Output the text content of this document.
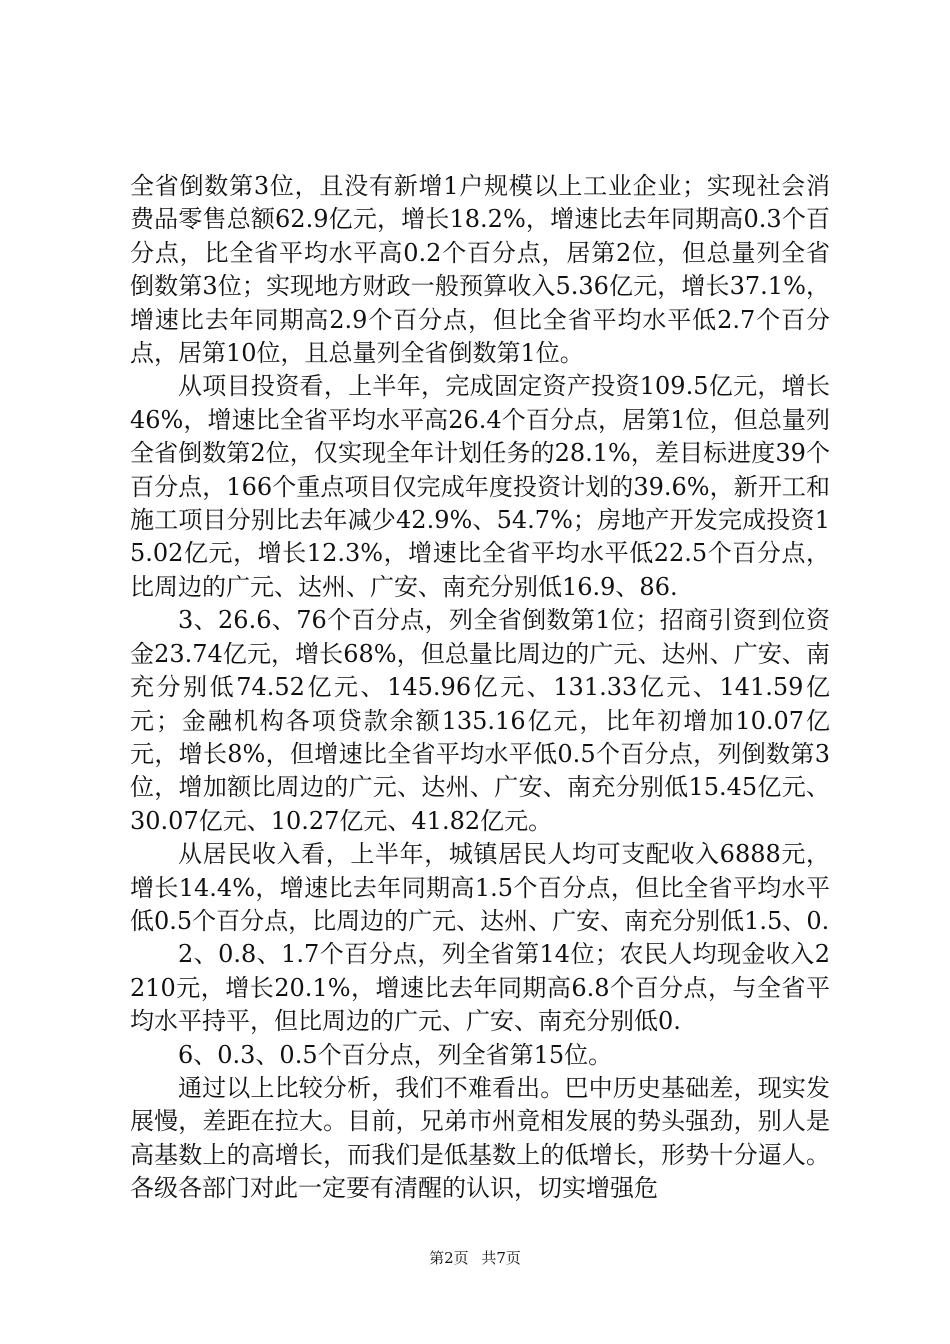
全省倒数第3位，且没有新增1户规模以上工业企业；实现社会消费品零售总额62.9亿元，增长18.2%，增速比去年同期高0.3个百分点，比全省平均水平高0.2个百分点，居第2位，但总量列全省倒数第3位；实现地方财政一般预算收入5.36亿元，增长37.1%，增速比去年同期高2.9个百分点，但比全省平均水平低2.7个百分点，居第10位，且总量列全省倒数第1位。

从项目投资看，上半年，完成固定资产投资109.5亿元，增长46%，增速比全省平均水平高26.4个百分点，居第1位，但总量列全省倒数第2位，仅实现全年计划任务的28.1%，差目标进度39个百分点，166个重点项目仅完成年度投资计划的39.6%，新开工和施工项目分别比去年减少42.9%、54.7%；房地产开发完成投资15.02亿元，增长12.3%，增速比全省平均水平低22.5个百分点，比周边的广元、达州、广安、南充分别低16.9、86.

3、26.6、76个百分点，列全省倒数第1位；招商引资到位资金23.74亿元，增长68%，但总量比周边的广元、达州、广安、南充分别低74.52亿元、145.96亿元、131.33亿元、141.59亿元；金融机构各项贷款余额135.16亿元，比年初增加10.07亿元，增长8%，但增速比全省平均水平低0.5个百分点，列倒数第3位，增加额比周边的广元、达州、广安、南充分别低15.45亿元、30.07亿元、10.27亿元、41.82亿元。

从居民收入看，上半年，城镇居民人均可支配收入6888元，增长14.4%，增速比去年同期高1.5个百分点，但比全省平均水平低0.5个百分点，比周边的广元、达州、广安、南充分别低1.5、0.

2、0.8、1.7个百分点，列全省第14位；农民人均现金收入2210元，增长20.1%，增速比去年同期高6.8个百分点，与全省平均水平持平，但比周边的广元、广安、南充分别低0.

6、0.3、0.5个百分点，列全省第15位。

通过以上比较分析，我们不难看出。巴中历史基础差，现实发展慢，差距在拉大。目前，兄弟市州竟相发展的势头强劲，别人是高基数上的高增长，而我们是低基数上的低增长，形势十分逼人。各级各部门对此一定要有清醒的认识，切实增强危

第2页 共7页
